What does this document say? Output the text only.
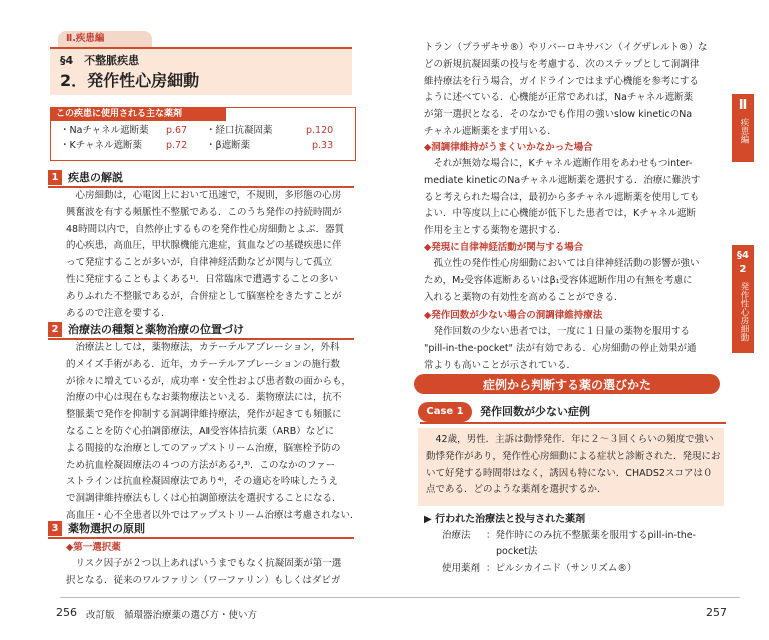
Ⅱ.疾患編
§4　不整脈疾患
2．発作性心房細動
この疾患に使用される主な薬剤
・Naチャネル遮断薬 p.67 ・経口抗凝固薬	p.120
・Kチャネル遮断薬	p.72 ・β遮断薬	p.33
1 疾患の解説
　心房細動は，心電図上において迅速で，不規則，多形態の心房
興奮波を有する頻脈性不整脈である．このうち発作の持続時間が
48時間以内で，自然停止するものを発作性心房細動とよぶ．器質
的心疾患，高血圧，甲状腺機能亢進症，貧血などの基礎疾患に伴
って発症することが多いが，自律神経活動などが関与して孤立
性に発症することもよくある¹⁾．日常臨床で遭遇することの多い
ありふれた不整脈であるが，合併症として脳塞栓をきたすことが
あるので注意を要する．
2 治療法の種類と薬物治療の位置づけ
　治療法としては，薬物療法，カテーテルアブレーション，外科
的メイズ手術がある．近年，カテーテルアブレーションの施行数
が徐々に増えているが，成功率・安全性および患者数の面からも，
治療の中心は現在もなお薬物療法といえる．薬物療法には，抗不
整脈薬で発作を抑制する洞調律維持療法，発作が起きても頻脈に
なることを防ぐ心拍調節療法，AⅡ受容体拮抗薬（ARB）などに
よる間接的な治療としてのアップストリーム治療，脳塞栓予防の
ため抗血栓凝固療法の４つの方法がある²,³⁾．このなかのファー
ストラインは抗血栓凝固療法であり⁴⁾，その適応を吟味したうえ
で洞調律維持療法もしくは心拍調節療法を選択することになる．
高血圧・心不全患者以外ではアップストリーム治療は考慮されない．
3 薬物選択の原則
◆第一選択薬
　リスク因子が２つ以上あればいうまでもなく抗凝固薬が第一選
択となる．従来のワルファリン（ワーファリン）もしくはダビガ
256 改訂版　循環器治療薬の選び方・使い方
トラン（プラザキサ®）やリバーロキサバン（イグザレルト®）な
どの新規抗凝固薬の投与を考慮する．次のステップとして洞調律
維持療法を行う場合，ガイドラインではまず心機能を参考にする
ように述べている．心機能が正常であれば，Naチャネル遮断薬
が第一選択となる．そのなかでも作用の強いslow kineticのNa
チャネル遮断薬をまず用いる．
◆洞調律維持がうまくいかなかった場合
　それが無効な場合に，Kチャネル遮断作用をあわせもつinter-
mediate kineticのNaチャネル遮断薬を選択する．治療に難渋す
ると考えられた場合は，最初から多チャネル遮断薬を使用しても
よい．中等度以上に心機能が低下した患者では，Kチャネル遮断
作用を主とする薬物を選択する．
◆発現に自律神経活動が関与する場合
　孤立性の発作性心房細動においては自律神経活動の影響が強い
ため，M₂受容体遮断あるいはβ₁受容体遮断作用の有無を考慮に
入れると薬物の有効性を高めることができる．
◆発作回数が少ない場合の洞調律維持療法
　発作回数の少ない患者では，一度に１日量の薬物を服用する
"pill-in-the-pocket" 法が有効である．心房細動の停止効果が通
常よりも高いことが示されている．
症例から判断する薬の選びかた
Case 1	発作回数が少ない症例
　42歳，男性．主訴は動悸発作．年に２～３回くらいの頻度で強い
動悸発作があり，発作性心房細動による症状と診断された．発現にお
いて好発する時間帯はなく，誘因も特にない．CHADS2スコアは０
点である．どのような薬剤を選択するか．
▶ 行われた治療法と投与された薬剤
治療法 ：発作時にのみ抗不整脈薬を服用するpill-in-the-
pocket法
使用薬剤 ：ピルシカイニド（サンリズム®）
257
Ⅱ
疾患編
§4
2
発作性心房細動
